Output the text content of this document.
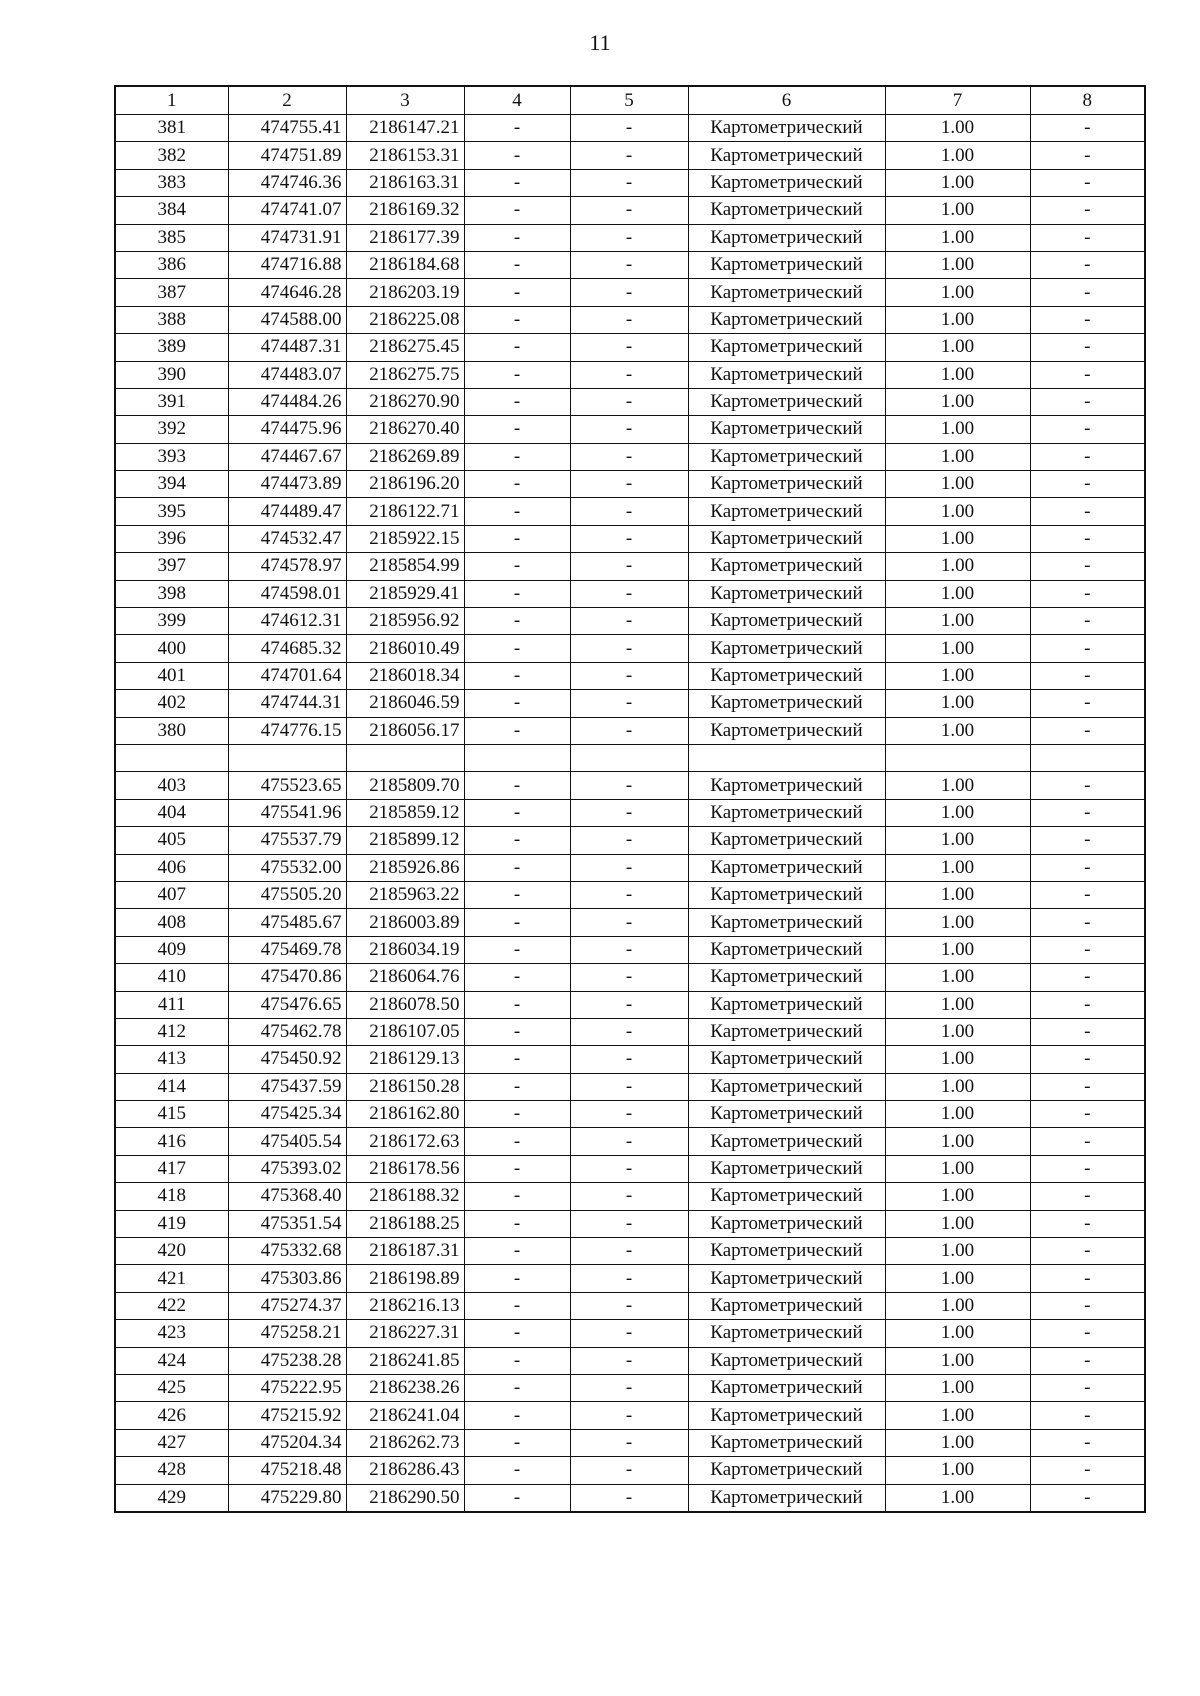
11
1	2	3	4	5	6	7	8
381	474755.41	2186147.21	-	-	Картометрический	1.00	-
382	474751.89	2186153.31	-	-	Картометрический	1.00	-
383	474746.36	2186163.31	-	-	Картометрический	1.00	-
384	474741.07	2186169.32	-	-	Картометрический	1.00	-
385	474731.91	2186177.39	-	-	Картометрический	1.00	-
386	474716.88	2186184.68	-	-	Картометрический	1.00	-
387	474646.28	2186203.19	-	-	Картометрический	1.00	-
388	474588.00	2186225.08	-	-	Картометрический	1.00	-
389	474487.31	2186275.45	-	-	Картометрический	1.00	-
390	474483.07	2186275.75	-	-	Картометрический	1.00	-
391	474484.26	2186270.90	-	-	Картометрический	1.00	-
392	474475.96	2186270.40	-	-	Картометрический	1.00	-
393	474467.67	2186269.89	-	-	Картометрический	1.00	-
394	474473.89	2186196.20	-	-	Картометрический	1.00	-
395	474489.47	2186122.71	-	-	Картометрический	1.00	-
396	474532.47	2185922.15	-	-	Картометрический	1.00	-
397	474578.97	2185854.99	-	-	Картометрический	1.00	-
398	474598.01	2185929.41	-	-	Картометрический	1.00	-
399	474612.31	2185956.92	-	-	Картометрический	1.00	-
400	474685.32	2186010.49	-	-	Картометрический	1.00	-
401	474701.64	2186018.34	-	-	Картометрический	1.00	-
402	474744.31	2186046.59	-	-	Картометрический	1.00	-
380	474776.15	2186056.17	-	-	Картометрический	1.00	-

403	475523.65	2185809.70	-	-	Картометрический	1.00	-
404	475541.96	2185859.12	-	-	Картометрический	1.00	-
405	475537.79	2185899.12	-	-	Картометрический	1.00	-
406	475532.00	2185926.86	-	-	Картометрический	1.00	-
407	475505.20	2185963.22	-	-	Картометрический	1.00	-
408	475485.67	2186003.89	-	-	Картометрический	1.00	-
409	475469.78	2186034.19	-	-	Картометрический	1.00	-
410	475470.86	2186064.76	-	-	Картометрический	1.00	-
411	475476.65	2186078.50	-	-	Картометрический	1.00	-
412	475462.78	2186107.05	-	-	Картометрический	1.00	-
413	475450.92	2186129.13	-	-	Картометрический	1.00	-
414	475437.59	2186150.28	-	-	Картометрический	1.00	-
415	475425.34	2186162.80	-	-	Картометрический	1.00	-
416	475405.54	2186172.63	-	-	Картометрический	1.00	-
417	475393.02	2186178.56	-	-	Картометрический	1.00	-
418	475368.40	2186188.32	-	-	Картометрический	1.00	-
419	475351.54	2186188.25	-	-	Картометрический	1.00	-
420	475332.68	2186187.31	-	-	Картометрический	1.00	-
421	475303.86	2186198.89	-	-	Картометрический	1.00	-
422	475274.37	2186216.13	-	-	Картометрический	1.00	-
423	475258.21	2186227.31	-	-	Картометрический	1.00	-
424	475238.28	2186241.85	-	-	Картометрический	1.00	-
425	475222.95	2186238.26	-	-	Картометрический	1.00	-
426	475215.92	2186241.04	-	-	Картометрический	1.00	-
427	475204.34	2186262.73	-	-	Картометрический	1.00	-
428	475218.48	2186286.43	-	-	Картометрический	1.00	-
429	475229.80	2186290.50	-	-	Картометрический	1.00	-
